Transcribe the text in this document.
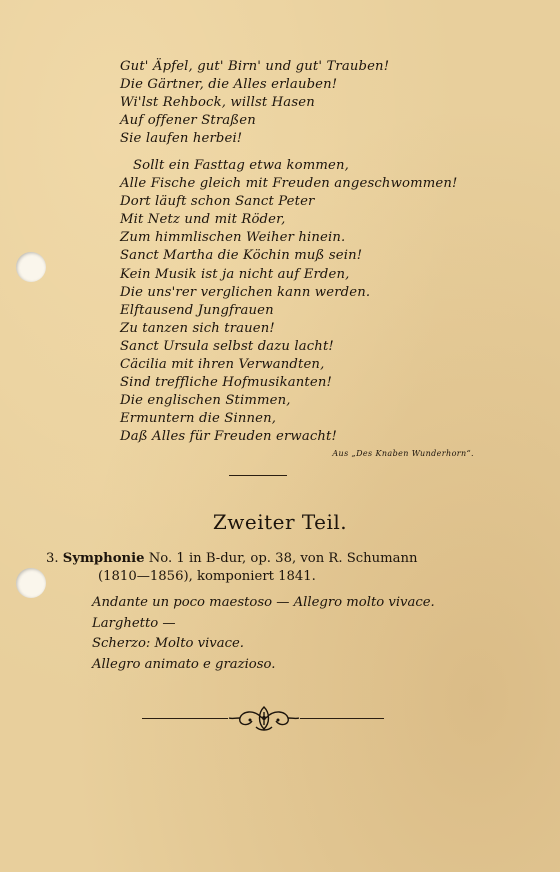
Gut' Äpfel, gut' Birn' und gut' Trauben!
Die Gärtner, die Alles erlauben!
Wi'lst Rehbock, willst Hasen
Auf offener Straßen
Sie laufen herbei!
Sollt ein Fasttag etwa kommen,
Alle Fische gleich mit Freuden angeschwommen!
Dort läuft schon Sanct Peter
Mit Netz und mit Röder,
Zum himmlischen Weiher hinein.
Sanct Martha die Köchin muß sein!
Kein Musik ist ja nicht auf Erden,
Die uns'rer verglichen kann werden.
Elftausend Jungfrauen
Zu tanzen sich trauen!
Sanct Ursula selbst dazu lacht!
Cäcilia mit ihren Verwandten,
Sind treffliche Hofmusikanten!
Die englischen Stimmen,
Ermuntern die Sinnen,
Daß Alles für Freuden erwacht!
Aus „Des Knaben Wunderhorn“.
Zweiter Teil.
3. Symphonie No. 1 in B-dur, op. 38, von R. Schumann
(1810—1856), komponiert 1841.
Andante un poco maestoso — Allegro molto vivace.
Larghetto —
Scherzo: Molto vivace.
Allegro animato e grazioso.
